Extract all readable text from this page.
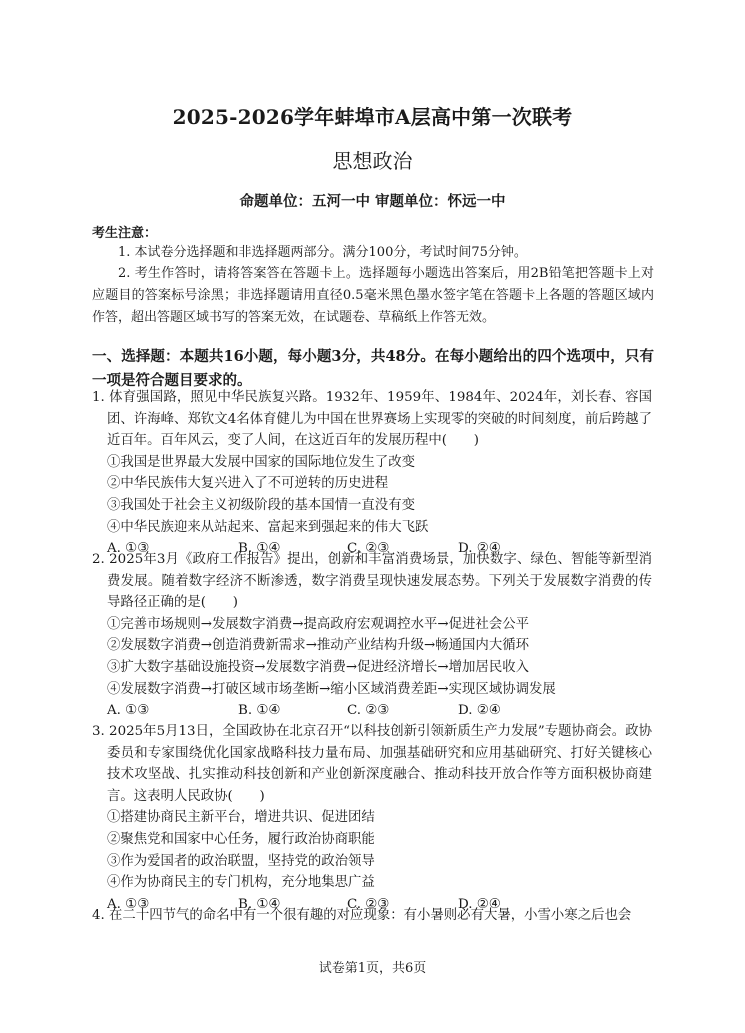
2025-2026学年蚌埠市A层高中第一次联考
思想政治
命题单位：五河一中 审题单位：怀远一中
考生注意：
1. 本试卷分选择题和非选择题两部分。满分100分，考试时间75分钟。
2. 考生作答时，请将答案答在答题卡上。选择题每小题选出答案后，用2B铅笔把答题卡上对应题目的答案标号涂黑；非选择题请用直径0.5毫米黑色墨水签字笔在答题卡上各题的答题区域内作答，超出答题区域书写的答案无效，在试题卷、草稿纸上作答无效。
一、选择题：本题共16小题，每小题3分，共48分。在每小题给出的四个选项中，只有一项是符合题目要求的。
1. 体育强国路，照见中华民族复兴路。1932年、1959年、1984年、2024年，刘长春、容国团、许海峰、郑钦文4名体育健儿为中国在世界赛场上实现零的突破的时间刻度，前后跨越了近百年。百年风云，变了人间，在这近百年的发展历程中(　　)
①我国是世界最大发展中国家的国际地位发生了改变
②中华民族伟大复兴进入了不可逆转的历史进程
③我国处于社会主义初级阶段的基本国情一直没有变
④中华民族迎来从站起来、富起来到强起来的伟大飞跃
A. ①③	B. ①④	C. ②③	D. ②④
2. 2025年3月《政府工作报告》提出，创新和丰富消费场景，加快数字、绿色、智能等新型消费发展。随着数字经济不断渗透，数字消费呈现快速发展态势。下列关于发展数字消费的传导路径正确的是(　　)
①完善市场规则→发展数字消费→提高政府宏观调控水平→促进社会公平
②发展数字消费→创造消费新需求→推动产业结构升级→畅通国内大循环
③扩大数字基础设施投资→发展数字消费→促进经济增长→增加居民收入
④发展数字消费→打破区域市场垄断→缩小区域消费差距→实现区域协调发展
A. ①③	B. ①④	C. ②③	D. ②④
3. 2025年5月13日，全国政协在北京召开“以科技创新引领新质生产力发展”专题协商会。政协委员和专家围绕优化国家战略科技力量布局、加强基础研究和应用基础研究、打好关键核心技术攻坚战、扎实推动科技创新和产业创新深度融合、推动科技开放合作等方面积极协商建言。这表明人民政协(　　)
①搭建协商民主新平台，增进共识、促进团结
②聚焦党和国家中心任务，履行政治协商职能
③作为爱国者的政治联盟，坚持党的政治领导
④作为协商民主的专门机构，充分地集思广益
A. ①③	B. ①④	C. ②③	D. ②④
4. 在二十四节气的命名中有一个很有趣的对应现象：有小暑则必有大暑，小雪小寒之后也会
试卷第1页，共6页
